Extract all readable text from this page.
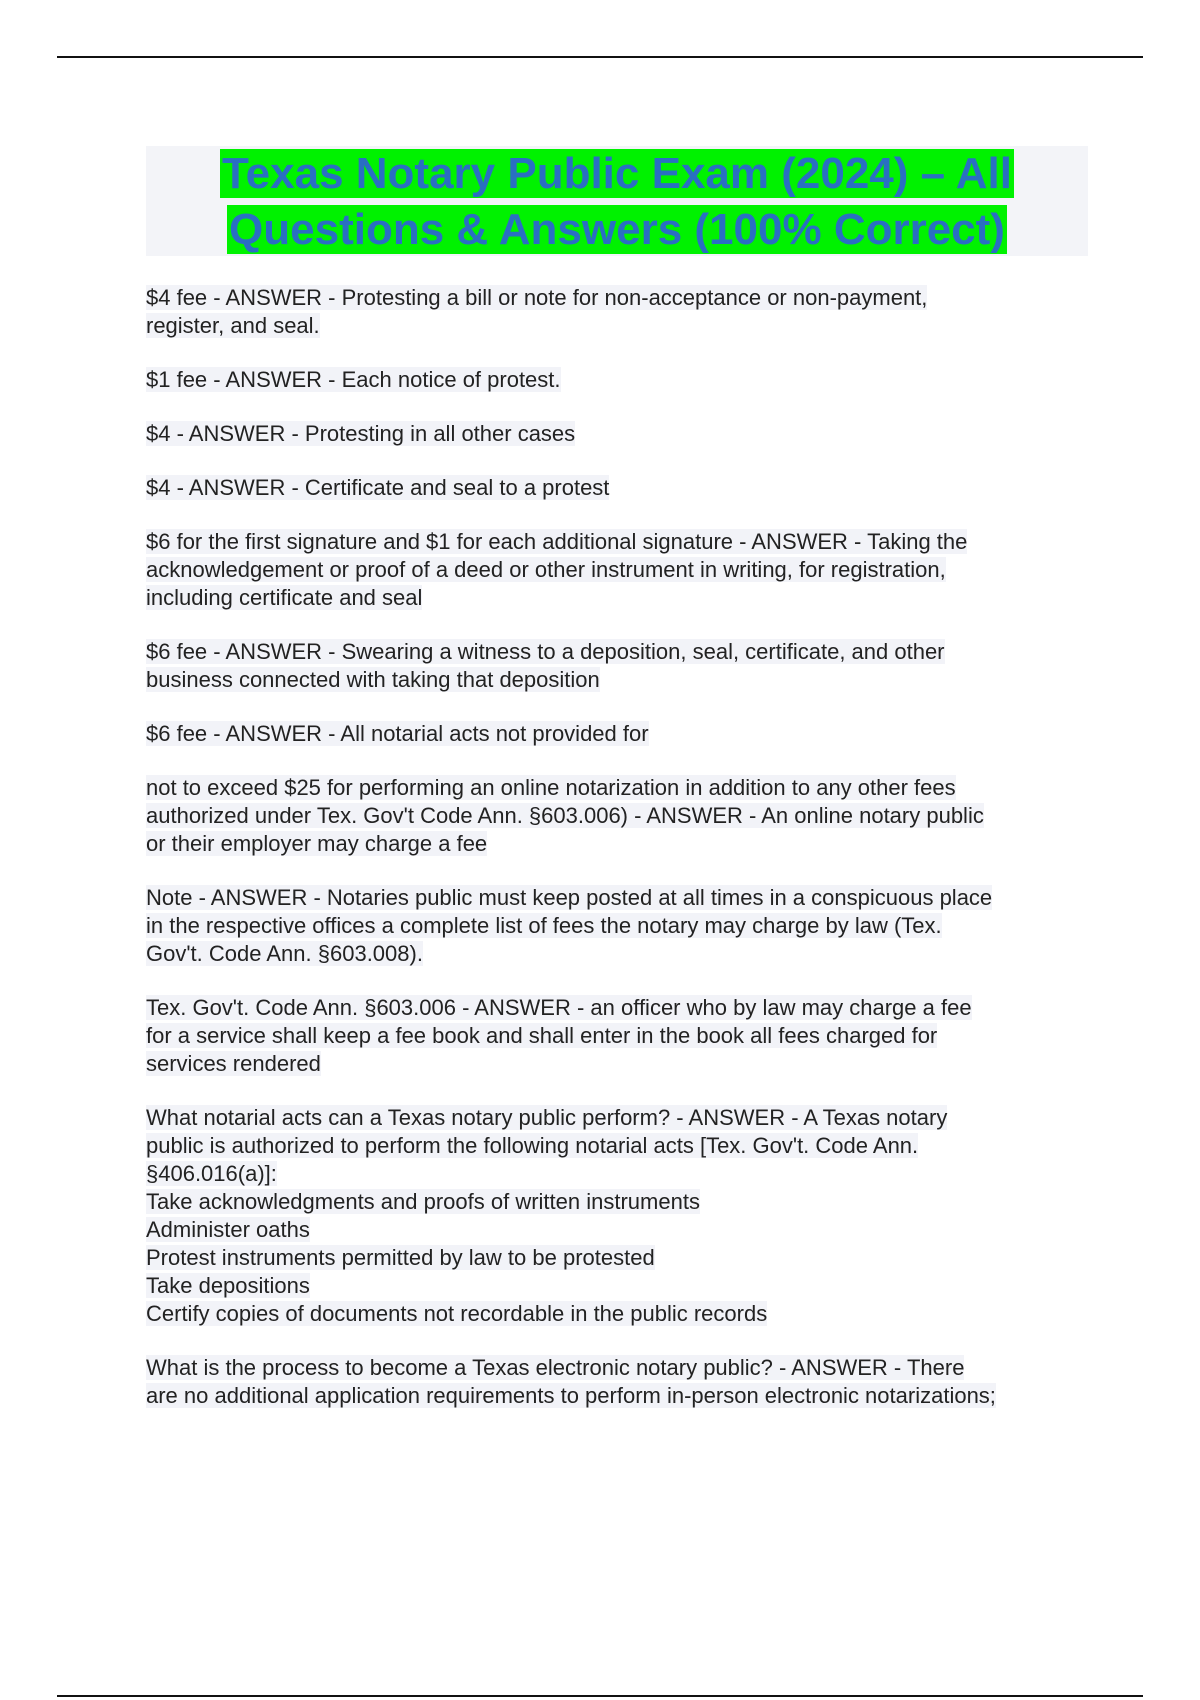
Texas Notary Public Exam (2024) – All
Questions & Answers (100% Correct)

$4 fee - ANSWER - Protesting a bill or note for non-acceptance or non-payment,
register, and seal.

$1 fee - ANSWER - Each notice of protest.

$4 - ANSWER - Protesting in all other cases

$4 - ANSWER - Certificate and seal to a protest

$6 for the first signature and $1 for each additional signature - ANSWER - Taking the
acknowledgement or proof of a deed or other instrument in writing, for registration,
including certificate and seal

$6 fee - ANSWER - Swearing a witness to a deposition, seal, certificate, and other
business connected with taking that deposition

$6 fee - ANSWER - All notarial acts not provided for

not to exceed $25 for performing an online notarization in addition to any other fees
authorized under Tex. Gov't Code Ann. §603.006) - ANSWER - An online notary public
or their employer may charge a fee

Note - ANSWER - Notaries public must keep posted at all times in a conspicuous place
in the respective offices a complete list of fees the notary may charge by law (Tex.
Gov't. Code Ann. §603.008).

Tex. Gov't. Code Ann. §603.006 - ANSWER - an officer who by law may charge a fee
for a service shall keep a fee book and shall enter in the book all fees charged for
services rendered

What notarial acts can a Texas notary public perform? - ANSWER - A Texas notary
public is authorized to perform the following notarial acts [Tex. Gov't. Code Ann.
§406.016(a)]:
Take acknowledgments and proofs of written instruments
Administer oaths
Protest instruments permitted by law to be protested
Take depositions
Certify copies of documents not recordable in the public records

What is the process to become a Texas electronic notary public? - ANSWER - There
are no additional application requirements to perform in-person electronic notarizations;
